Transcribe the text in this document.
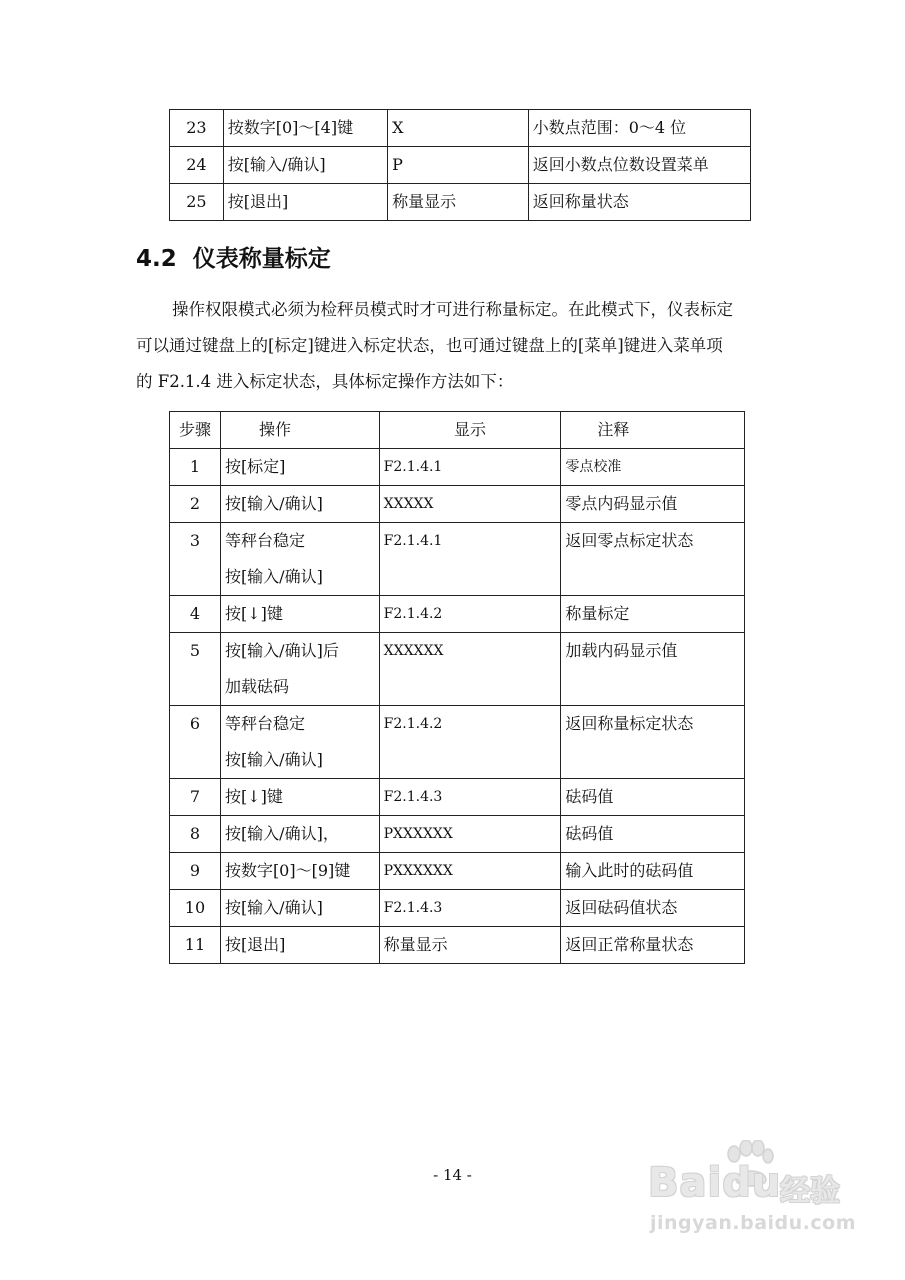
23	按数字[0]～[4]键	X	小数点范围：0～4 位
24	按[输入/确认]	P	返回小数点位数设置菜单
25	按[退出]	称量显示	返回称量状态
4.2 仪表称量标定

操作权限模式必须为检秤员模式时才可进行称量标定。在此模式下，仪表标定

可以通过键盘上的[标定]键进入标定状态，也可通过键盘上的[菜单]键进入菜单项

的 F2.1.4 进入标定状态，具体标定操作方法如下：

步骤	操作	显示	注释
1	按[标定]	F2.1.4.1	零点校准
2	按[输入/确认]	XXXXX	零点内码显示值
3	等秤台稳定
按[输入/确认]	F2.1.4.1	返回零点标定状态
4	按[↓]键	F2.1.4.2	称量标定
5	按[输入/确认]后
加载砝码	XXXXXX	加载内码显示值
6	等秤台稳定
按[输入/确认]	F2.1.4.2	返回称量标定状态
7	按[↓]键	F2.1.4.3	砝码值
8	按[输入/确认]，	PXXXXXX	砝码值
9	按数字[0]～[9]键	PXXXXXX	输入此时的砝码值
10	按[输入/确认]	F2.1.4.3	返回砝码值状态
11	按[退出]	称量显示	返回正常称量状态
- 14 -	Baidu
经验
jingyan.baidu.com
